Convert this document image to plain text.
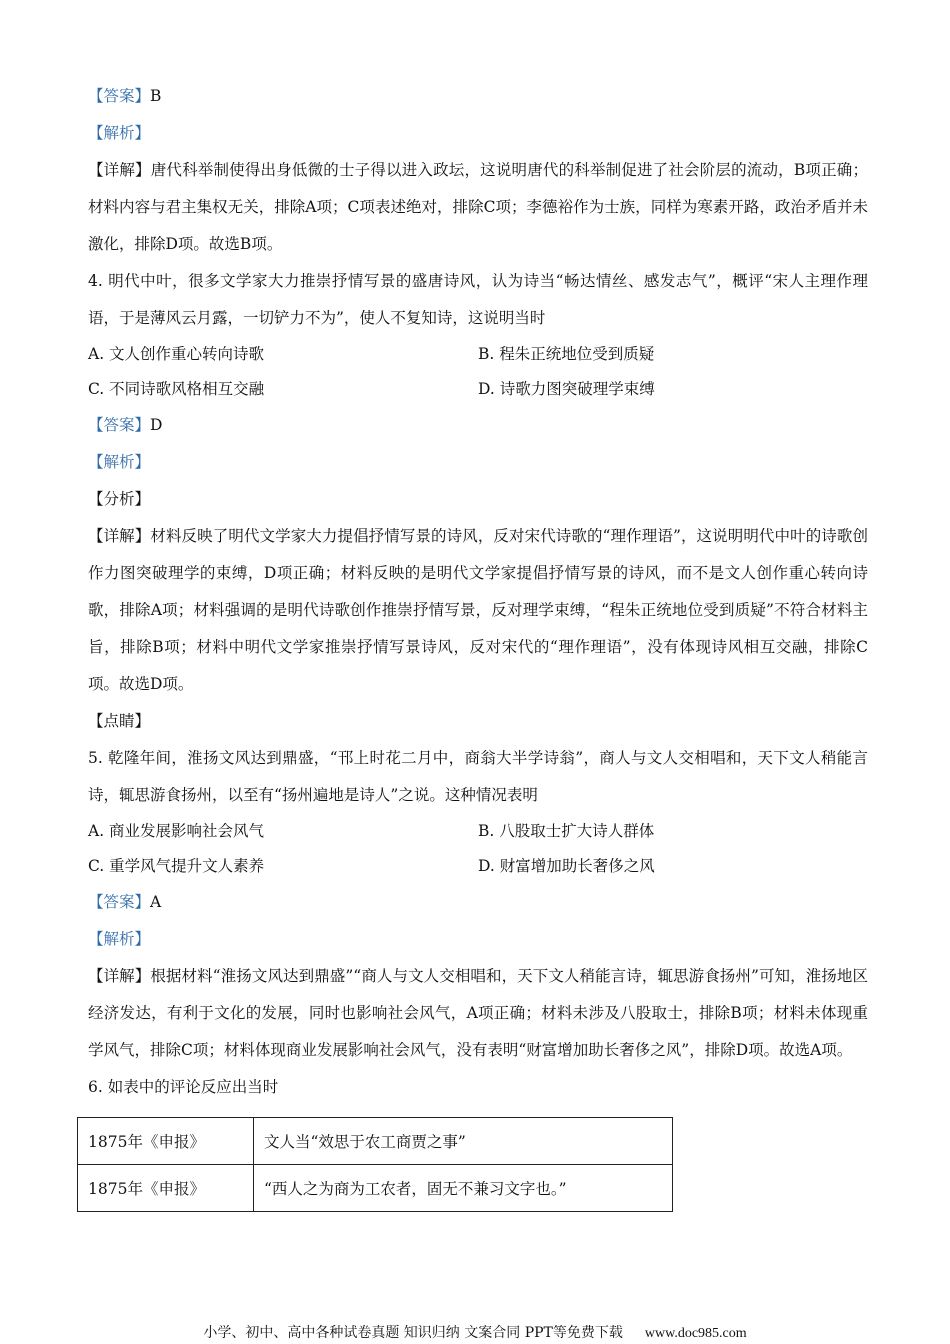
【答案】B
【解析】
【详解】唐代科举制使得出身低微的士子得以进入政坛，这说明唐代的科举制促进了社会阶层的流动，B项正确；材料内容与君主集权无关，排除A项；C项表述绝对，排除C项；李德裕作为士族，同样为寒素开路，政治矛盾并未激化，排除D项。故选B项。
4. 明代中叶，很多文学家大力推崇抒情写景的盛唐诗风，认为诗当“畅达情丝、感发志气”，概评“宋人主理作理语，于是薄风云月露，一切铲力不为”，使人不复知诗，这说明当时
A. 文人创作重心转向诗歌	B. 程朱正统地位受到质疑
C. 不同诗歌风格相互交融	D. 诗歌力图突破理学束缚
【答案】D
【解析】
【分析】
【详解】材料反映了明代文学家大力提倡抒情写景的诗风，反对宋代诗歌的“理作理语”，这说明明代中叶的诗歌创作力图突破理学的束缚，D项正确；材料反映的是明代文学家提倡抒情写景的诗风，而不是文人创作重心转向诗歌，排除A项；材料强调的是明代诗歌创作推崇抒情写景，反对理学束缚，“程朱正统地位受到质疑”不符合材料主旨，排除B项；材料中明代文学家推崇抒情写景诗风，反对宋代的“理作理语”，没有体现诗风相互交融，排除C项。故选D项。
【点睛】
5. 乾隆年间，淮扬文风达到鼎盛，“邗上时花二月中，商翁大半学诗翁”，商人与文人交相唱和，天下文人稍能言诗，辄思游食扬州，以至有“扬州遍地是诗人”之说。这种情况表明
A. 商业发展影响社会风气	B. 八股取士扩大诗人群体
C. 重学风气提升文人素养	D. 财富增加助长奢侈之风
【答案】A
【解析】
【详解】根据材料“淮扬文风达到鼎盛”“商人与文人交相唱和，天下文人稍能言诗，辄思游食扬州”可知，淮扬地区经济发达，有利于文化的发展，同时也影响社会风气，A项正确；材料未涉及八股取士，排除B项；材料未体现重学风气，排除C项；材料体现商业发展影响社会风气，没有表明“财富增加助长奢侈之风”，排除D项。故选A项。
6. 如表中的评论反应出当时
1875年《申报》	文人当“效思于农工商贾之事”
1875年《申报》	“西人之为商为工农者，固无不兼习文字也。”
小学、初中、高中各种试卷真题 知识归纳 文案合同 PPT等免费下载 www.doc985.com
